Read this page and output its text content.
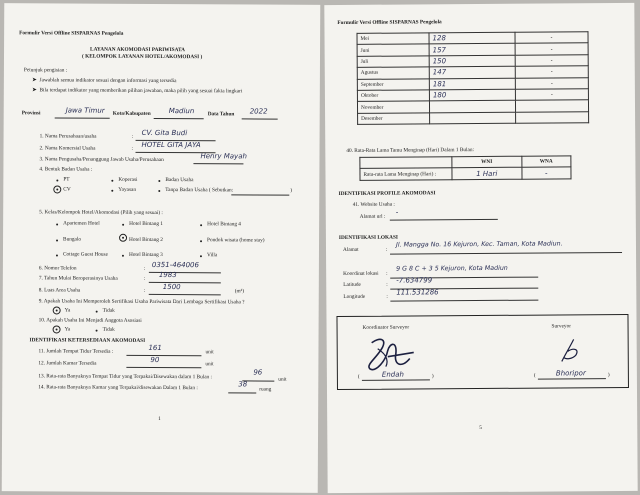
Formulir Versi Offline SISPARNAS Pengelola
LAYANAN AKOMODASI PARIWISATA
( KELOMPOK LAYANAN HOTEL/AKOMODASI )
Petunjuk pengisian :
➤ Jawablah semua indikator sesuai dengan informasi yang tersedia
➤ Bila terdapat indikator yang memberikan pilihan jawaban, maka pilih yang sesuai fakta lingkari
Provinsi	Jawa Timur Kota/Kabupaten	Madiun	Data Tahun 2022
1. Nama Perusahaan/usaha	: CV. Gita Budi
2. Nama Komersial Usaha	: HOTEL GITA JAYA
3. Nama Pengusaha/Penanggung Jawab Usaha/Perusahaan	Henry Mayah
4. Bentuk Badan Usaha :
PT	Koperasi	Badan Usaha
CV	Yayasan	Tanpa Badan Usaha ( Sebutkan:	)
5. Kelas/Kelompok Hotel/Akomodasi (Pilih yang sesuai) :
Apartemen Hotel	Hotel Bintang 1	Hotel Bintang 4
Bungalo	Hotel Bintang 2	Pondok wisata (home stay)
Cottage Guest House	Hotel Bintang 3	Villa
6. Nomor Telefon	: 0351-464006
7. Tahun Mulai Beroperasinya Usaha	: 1983
8. Luas Area Usaha	: 1500
(m²)
9. Apakah Usaha Ini Memperoleh Sertifikasi Usaha Pariwisata Dari Lembaga Sertifikasi Usaha ?
Ya	Tidak
10. Apakah Usaha Ini Menjadi Anggota Asosiasi
Ya	Tidak
IDENTIFIKASI KETERSEDIAAN AKOMODASI
11. Jumlah Tempat Tidur Tersedia :	161
unit
12. Jumlah Kamar Tersedia	90
unit
13. Rata-rata Banyaknya Tempat Tidur yang Terpakai/Disewakan dalam 1 Bulan :
96
unit
14. Rata-rata Banyaknya Kamar yang Terpakai/disewakan Dalam 1 Bulan :	38
ruang
1
Formulir Versi Offline SISPARNAS Pengelola
Mei	128	-
Juni	157	-
Juli	150	-
Agustus	147	-
September	181	-
Oktober	180	-
November		
Desember		
40. Rata-Rata Lama Tamu Menginap (Hari) Dalam 1 Bulan:
	WNI	WNA
Rata-rata Lama Menginap (Hari) :	1 Hari	-
IDENTIFIKASI PROFILE AKOMODASI
41. Website Usaha :
Alamat url :
-
IDENTIFIKASI LOKASI
Alamat	:
Jl. Mangga No. 16 Kejuron, Kec. Taman, Kota Madiun.
Koordinat lokasi :
9 G 8 C + 3 5 Kejuron, Kota Madiun
Latitude	:
-7.634799
Longitude	:
111.531286
Koordinator Surveyor	Surveyor
(	Endah	)	(	Bhoripor	)
5
